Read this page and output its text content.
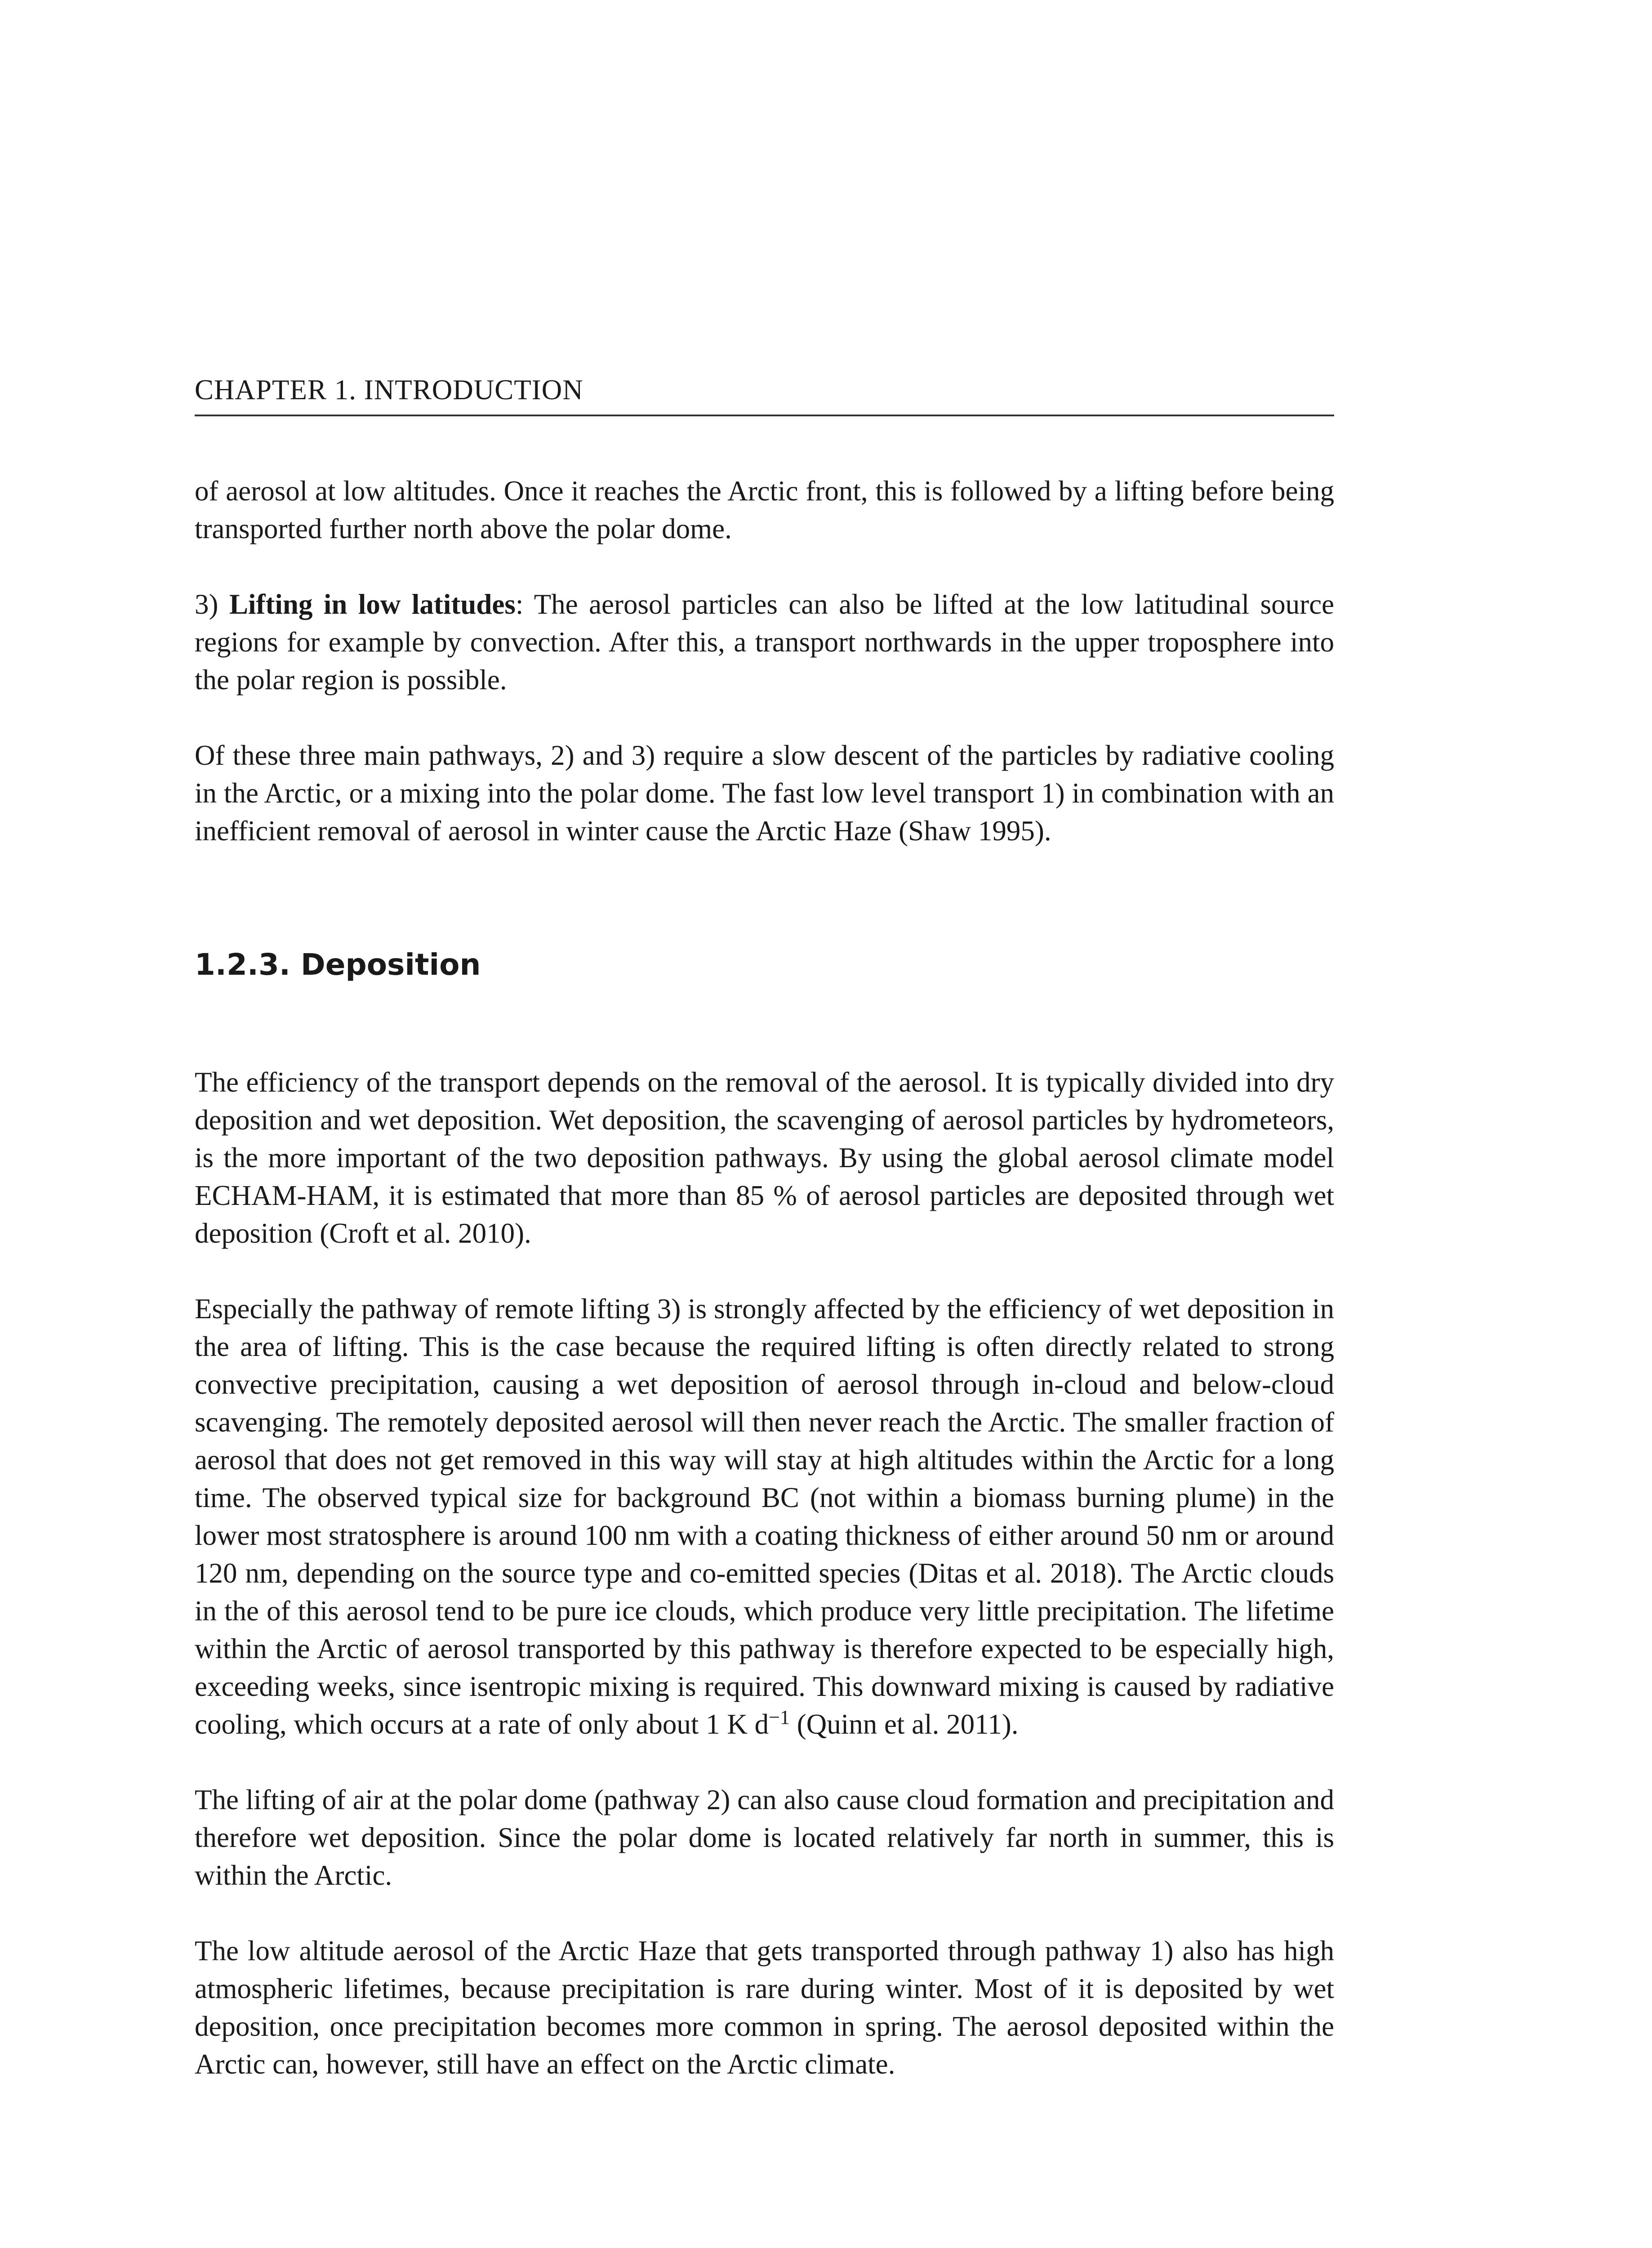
CHAPTER 1. INTRODUCTION

of aerosol at low altitudes. Once it reaches the Arctic front, this is followed by a lifting before being transported further north above the polar dome.

3) Lifting in low latitudes: The aerosol particles can also be lifted at the low latitudinal source regions for example by convection. After this, a transport northwards in the upper troposphere into the polar region is possible.

Of these three main pathways, 2) and 3) require a slow descent of the particles by radiative cooling in the Arctic, or a mixing into the polar dome. The fast low level transport 1) in combination with an inefficient removal of aerosol in winter cause the Arctic Haze (Shaw 1995).

1.2.3. Deposition

The efficiency of the transport depends on the removal of the aerosol. It is typically divided into dry deposition and wet deposition. Wet deposition, the scavenging of aerosol particles by hydrometeors, is the more important of the two deposition pathways. By using the global aerosol climate model ECHAM-HAM, it is estimated that more than 85 % of aerosol particles are deposited through wet deposition (Croft et al. 2010).

Especially the pathway of remote lifting 3) is strongly affected by the efficiency of wet deposition in the area of lifting. This is the case because the required lifting is often directly related to strong convective precipitation, causing a wet deposition of aerosol through in-cloud and below-cloud scavenging. The remotely deposited aerosol will then never reach the Arctic. The smaller fraction of aerosol that does not get removed in this way will stay at high altitudes within the Arctic for a long time. The observed typical size for background BC (not within a biomass burning plume) in the lower most stratosphere is around 100 nm with a coating thickness of either around 50 nm or around 120 nm, depending on the source type and co-emitted species (Ditas et al. 2018). The Arctic clouds in the of this aerosol tend to be pure ice clouds, which produce very little precipitation. The lifetime within the Arctic of aerosol transported by this pathway is therefore expected to be especially high, exceeding weeks, since isentropic mixing is required. This downward mixing is caused by radiative cooling, which occurs at a rate of only about 1 K $d^{-1}$ (Quinn et al. 2011).

The lifting of air at the polar dome (pathway 2) can also cause cloud formation and precipitation and therefore wet deposition. Since the polar dome is located relatively far north in summer, this is within the Arctic.

The low altitude aerosol of the Arctic Haze that gets transported through pathway 1) also has high atmospheric lifetimes, because precipitation is rare during winter. Most of it is deposited by wet deposition, once precipitation becomes more common in spring. The aerosol deposited within the Arctic can, however, still have an effect on the Arctic climate.
